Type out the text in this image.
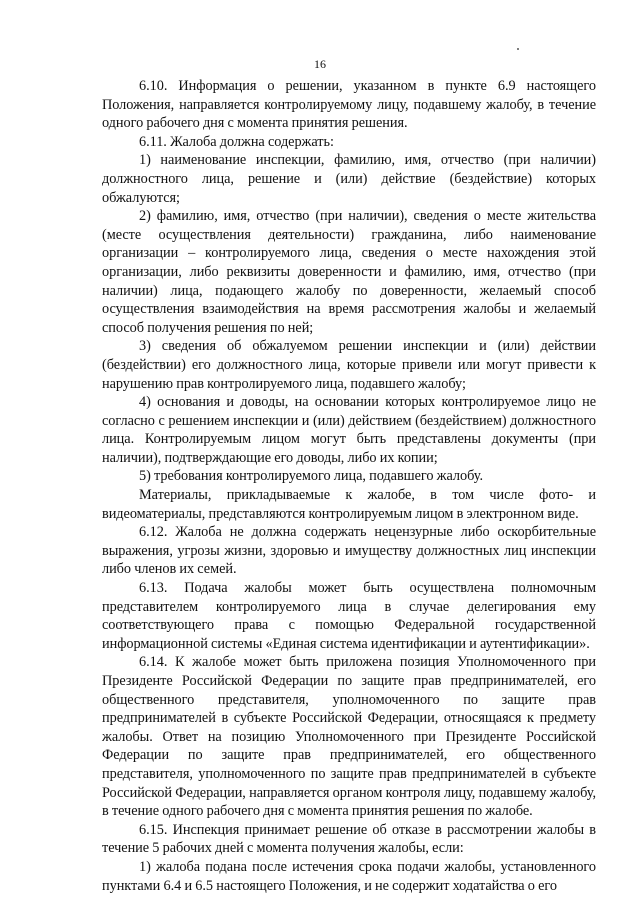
16

6.10. Информация о решении, указанном в пункте 6.9 настоящего Положения, направляется контролируемому лицу, подавшему жалобу, в течение одного рабочего дня с момента принятия решения.

6.11. Жалоба должна содержать:

1) наименование инспекции, фамилию, имя, отчество (при наличии) должностного лица, решение и (или) действие (бездействие) которых обжалуются;

2) фамилию, имя, отчество (при наличии), сведения о месте жительства (месте осуществления деятельности) гражданина, либо наименование организации – контролируемого лица, сведения о месте нахождения этой организации, либо реквизиты доверенности и фамилию, имя, отчество (при наличии) лица, подающего жалобу по доверенности, желаемый способ осуществления взаимодействия на время рассмотрения жалобы и желаемый способ получения решения по ней;

3) сведения об обжалуемом решении инспекции и (или) действии (бездействии) его должностного лица, которые привели или могут привести к нарушению прав контролируемого лица, подавшего жалобу;

4) основания и доводы, на основании которых контролируемое лицо не согласно с решением инспекции и (или) действием (бездействием) должностного лица. Контролируемым лицом могут быть представлены документы (при наличии), подтверждающие его доводы, либо их копии;

5) требования контролируемого лица, подавшего жалобу.

Материалы, прикладываемые к жалобе, в том числе фото- и видеоматериалы, представляются контролируемым лицом в электронном виде.

6.12. Жалоба не должна содержать нецензурные либо оскорбительные выражения, угрозы жизни, здоровью и имуществу должностных лиц инспекции либо членов их семей.

6.13. Подача жалобы может быть осуществлена полномочным представителем контролируемого лица в случае делегирования ему соответствующего права с помощью Федеральной государственной информационной системы «Единая система идентификации и аутентификации».

6.14. К жалобе может быть приложена позиция Уполномоченного при Президенте Российской Федерации по защите прав предпринимателей, его общественного представителя, уполномоченного по защите прав предпринимателей в субъекте Российской Федерации, относящаяся к предмету жалобы. Ответ на позицию Уполномоченного при Президенте Российской Федерации по защите прав предпринимателей, его общественного представителя, уполномоченного по защите прав предпринимателей в субъекте Российской Федерации, направляется органом контроля лицу, подавшему жалобу, в течение одного рабочего дня с момента принятия решения по жалобе.

6.15. Инспекция принимает решение об отказе в рассмотрении жалобы в течение 5 рабочих дней с момента получения жалобы, если:

1) жалоба подана после истечения срока подачи жалобы, установленного пунктами 6.4 и 6.5 настоящего Положения, и не содержит ходатайства о его
